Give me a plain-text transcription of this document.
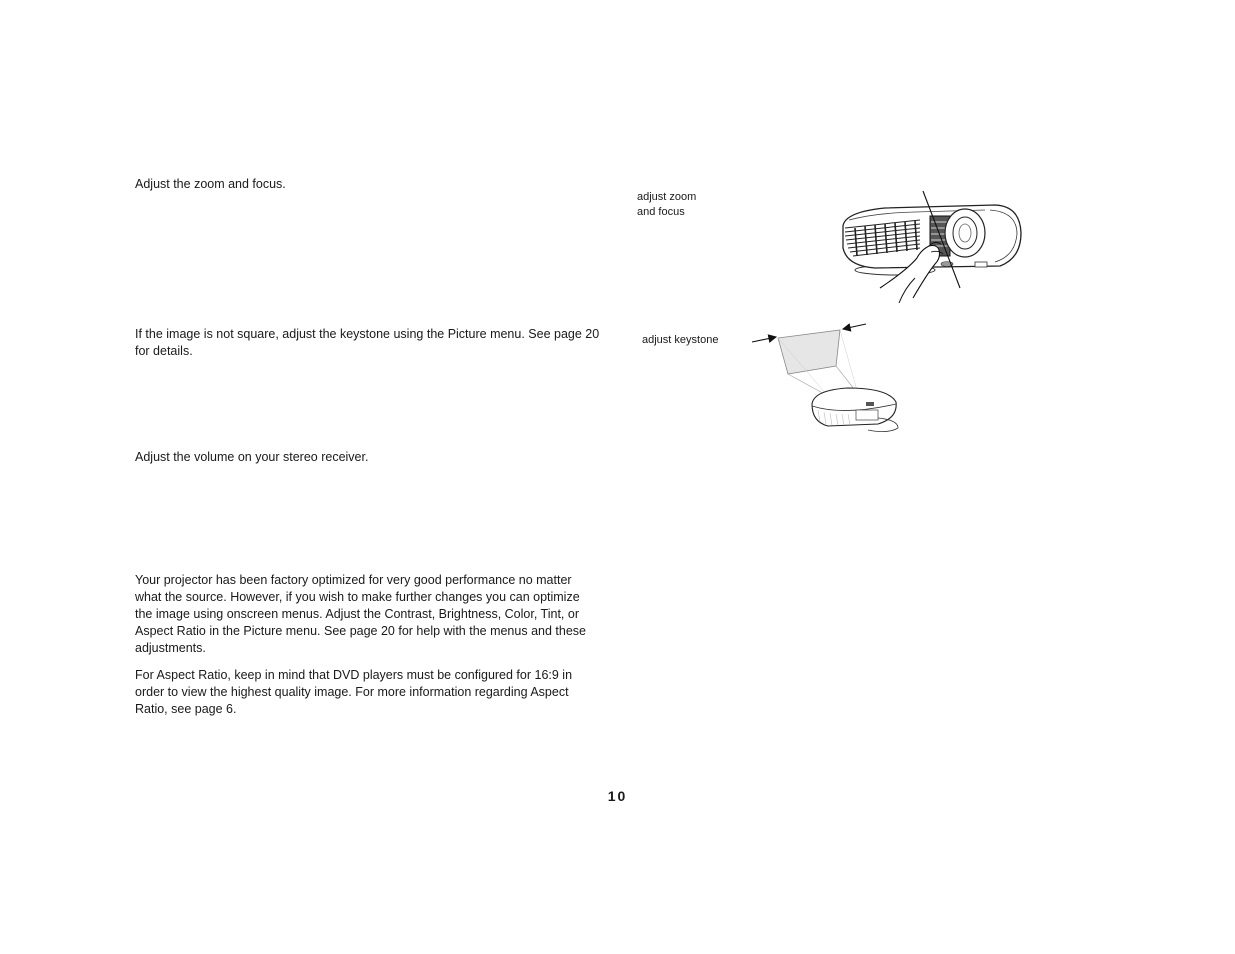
Adjust the zoom and focus.

If the image is not square, adjust the keystone using the Picture menu. See page 20 for details.

Adjust the volume on your stereo receiver.

Your projector has been factory optimized for very good performance no matter what the source. However, if you wish to make further changes you can optimize the image using onscreen menus. Adjust the Contrast, Brightness, Color, Tint, or Aspect Ratio in the Picture menu. See page 20 for help with the menus and these adjustments.

For Aspect Ratio, keep in mind that DVD players must be configured for 16:9 in order to view the highest quality image. For more information regarding Aspect Ratio, see page 6.

adjust zoom
and focus
adjust keystone
10
